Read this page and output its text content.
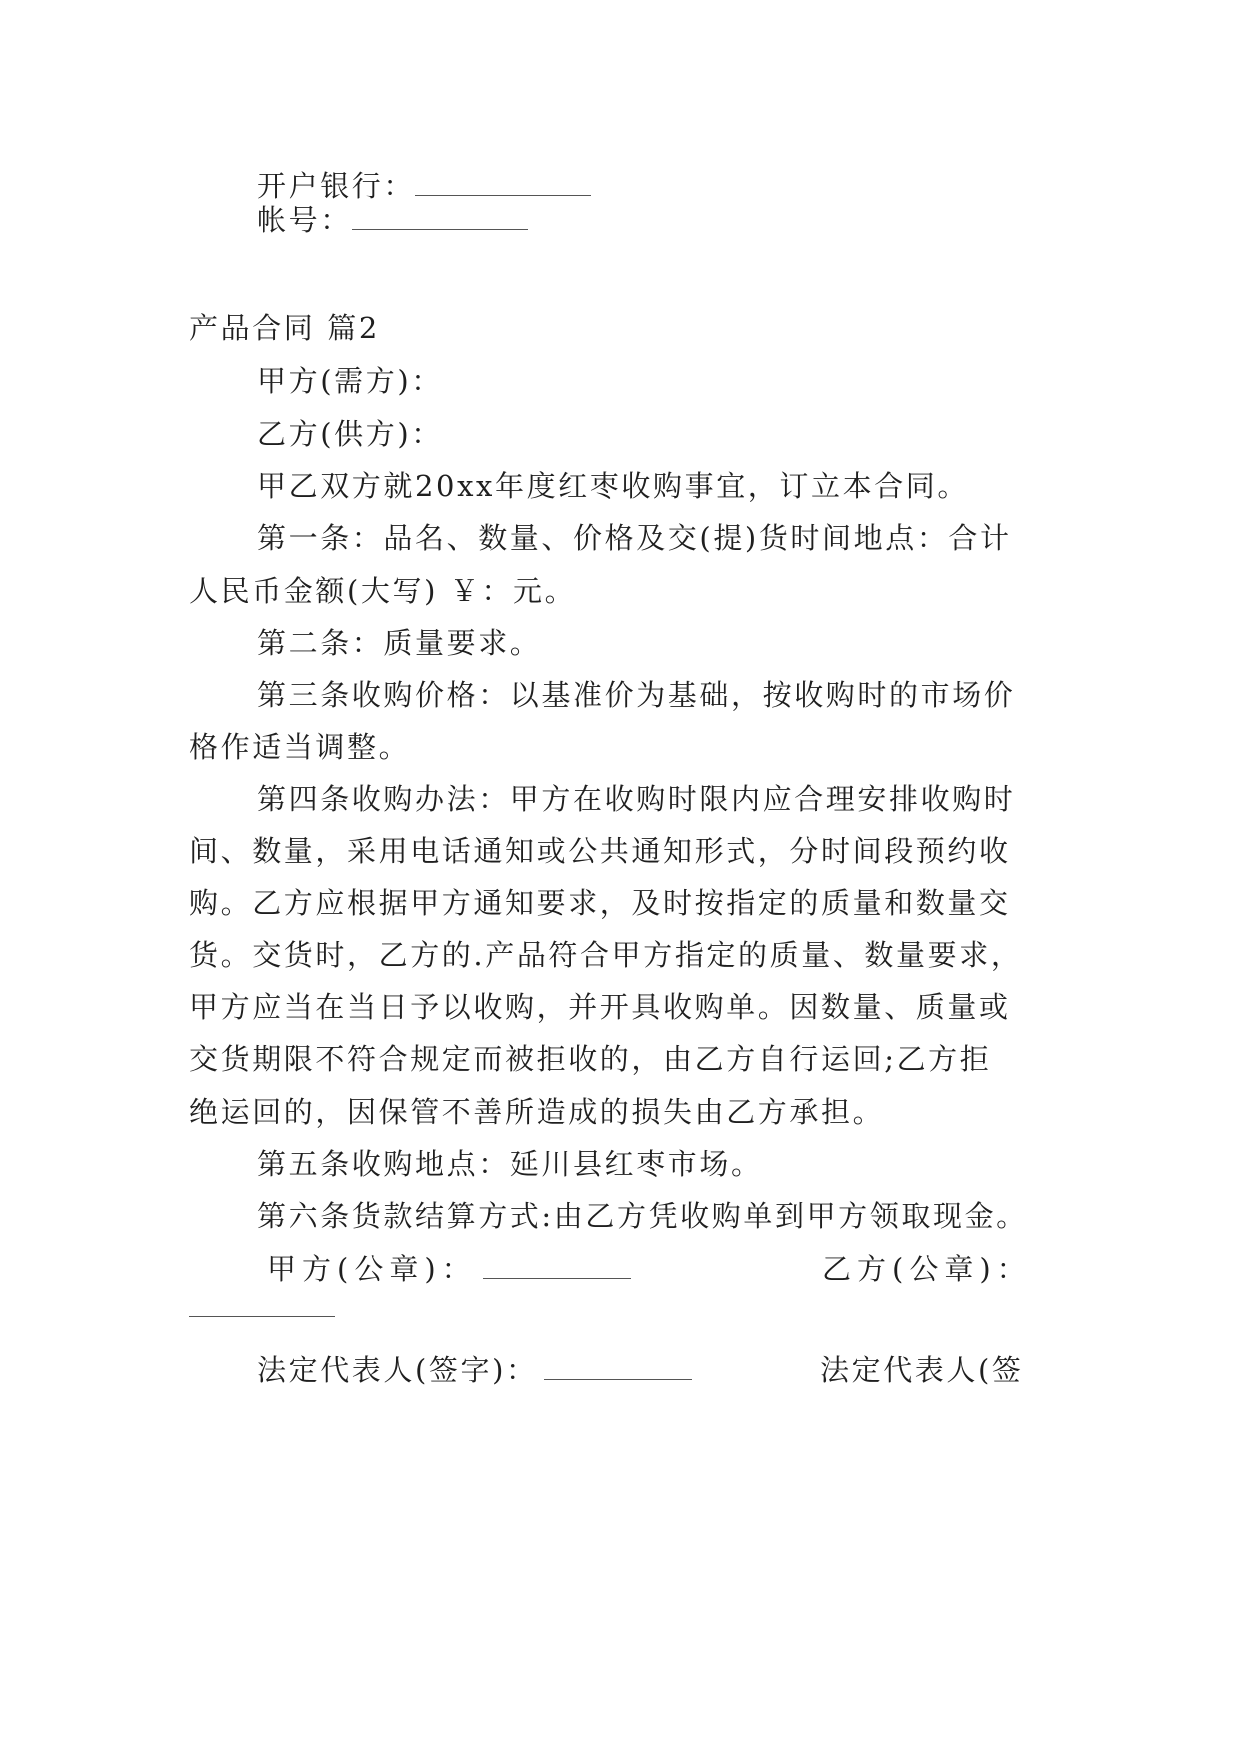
开户银行：

帐号：

产品合同 篇2

甲方(需方)：

乙方(供方)：

甲乙双方就20xx年度红枣收购事宜，订立本合同。

第一条：品名、数量、价格及交(提)货时间地点：合计

人民币金额(大写) ￥：元。

第二条：质量要求。

第三条收购价格：以基准价为基础，按收购时的市场价

格作适当调整。

第四条收购办法：甲方在收购时限内应合理安排收购时

间、数量，采用电话通知或公共通知形式，分时间段预约收

购。乙方应根据甲方通知要求，及时按指定的质量和数量交

货。交货时，乙方的.产品符合甲方指定的质量、数量要求，

甲方应当在当日予以收购，并开具收购单。因数量、质量或

交货期限不符合规定而被拒收的，由乙方自行运回;乙方拒

绝运回的，因保管不善所造成的损失由乙方承担。

第五条收购地点：延川县红枣市场。

第六条货款结算方式:由乙方凭收购单到甲方领取现金。

甲方(公章)：	乙方(公章)：

法定代表人(签字)：	法定代表人(签
